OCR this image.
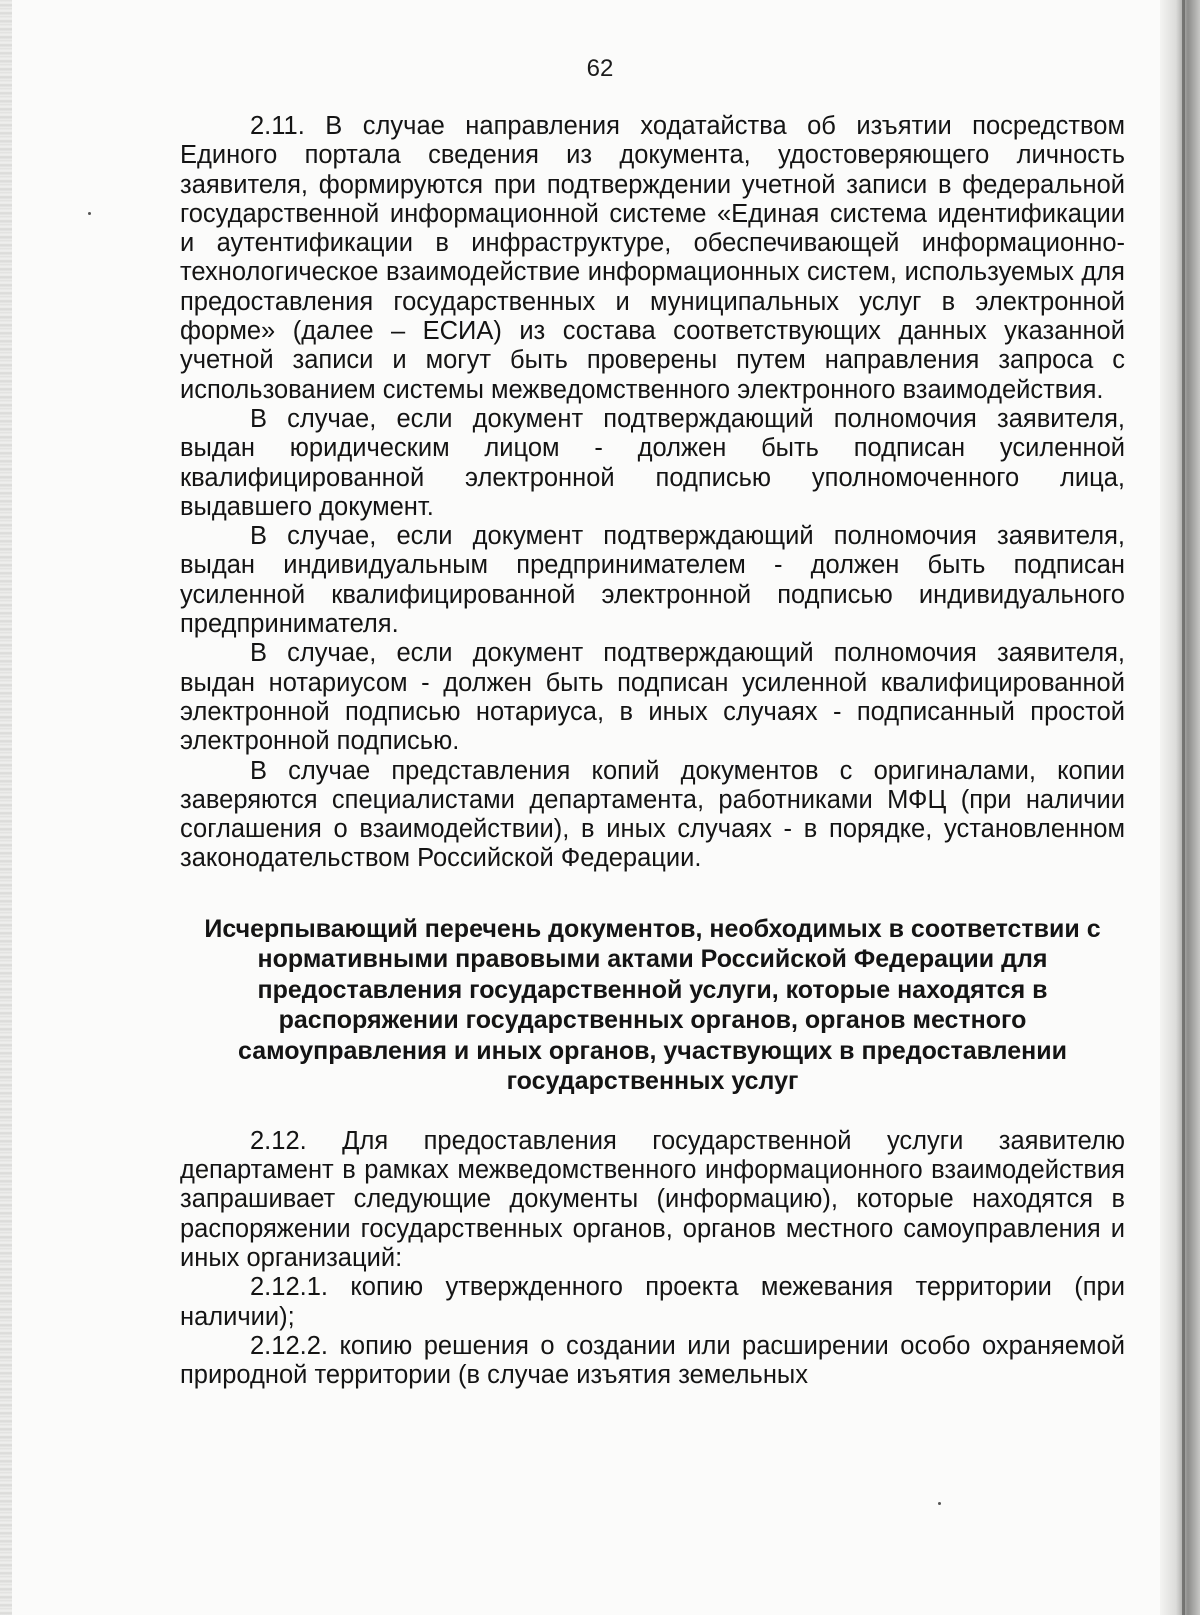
62

2.11. В случае направления ходатайства об изъятии посредством Единого портала сведения из документа, удостоверяющего личность заявителя, формируются при подтверждении учетной записи в федеральной государственной информационной системе «Единая система идентификации и аутентификации в инфраструктуре, обеспечивающей информационно-технологическое взаимодействие информационных систем, используемых для предоставления государственных и муниципальных услуг в электронной форме» (далее – ЕСИА) из состава соответствующих данных указанной учетной записи и могут быть проверены путем направления запроса с использованием системы межведомственного электронного взаимодействия.

В случае, если документ подтверждающий полномочия заявителя, выдан юридическим лицом - должен быть подписан усиленной квалифицированной электронной подписью уполномоченного лица, выдавшего документ.

В случае, если документ подтверждающий полномочия заявителя, выдан индивидуальным предпринимателем - должен быть подписан усиленной квалифицированной электронной подписью индивидуального предпринимателя.

В случае, если документ подтверждающий полномочия заявителя, выдан нотариусом - должен быть подписан усиленной квалифицированной электронной подписью нотариуса, в иных случаях - подписанный простой электронной подписью.

В случае представления копий документов с оригиналами, копии заверяются специалистами департамента, работниками МФЦ (при наличии соглашения о взаимодействии), в иных случаях - в порядке, установленном законодательством Российской Федерации.

Исчерпывающий перечень документов, необходимых в соответствии с нормативными правовыми актами Российской Федерации для предоставления государственной услуги, которые находятся в распоряжении государственных органов, органов местного самоуправления и иных органов, участвующих в предоставлении государственных услуг

2.12. Для предоставления государственной услуги заявителю департамент в рамках межведомственного информационного взаимодействия запрашивает следующие документы (информацию), которые находятся в распоряжении государственных органов, органов местного самоуправления и иных организаций:

2.12.1. копию утвержденного проекта межевания территории (при наличии);

2.12.2. копию решения о создании или расширении особо охраняемой природной территории (в случае изъятия земельных
